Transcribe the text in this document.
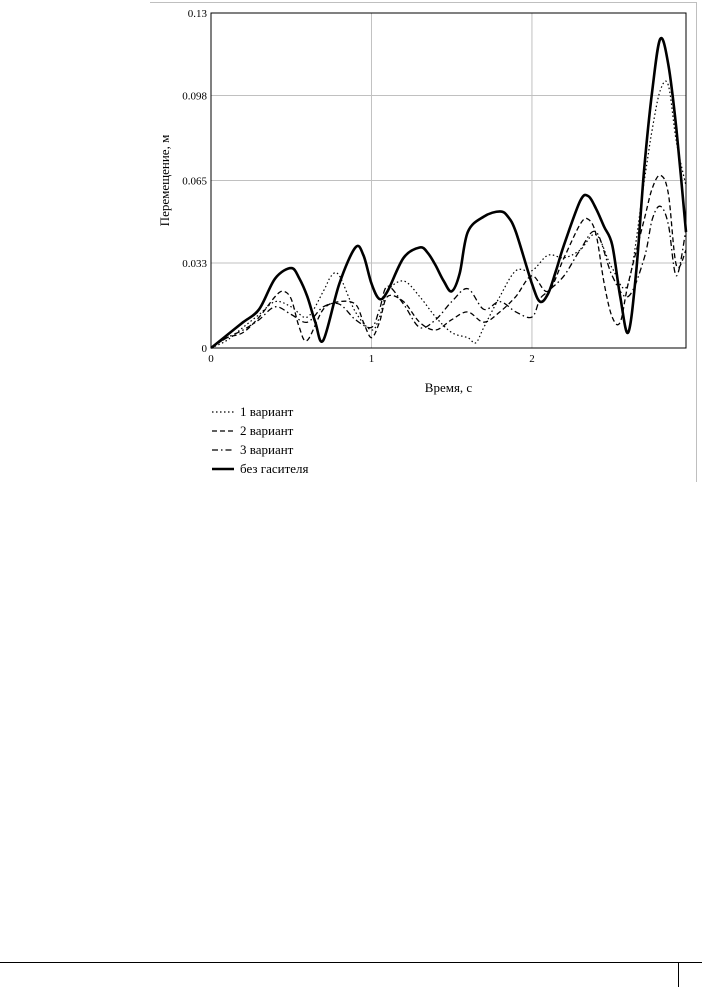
0
0.033
0.065
0.098
0.13
0	1	2
Время, с
Перемещение, м
1 вариант
2 вариант
3 вариант
без гасителя
